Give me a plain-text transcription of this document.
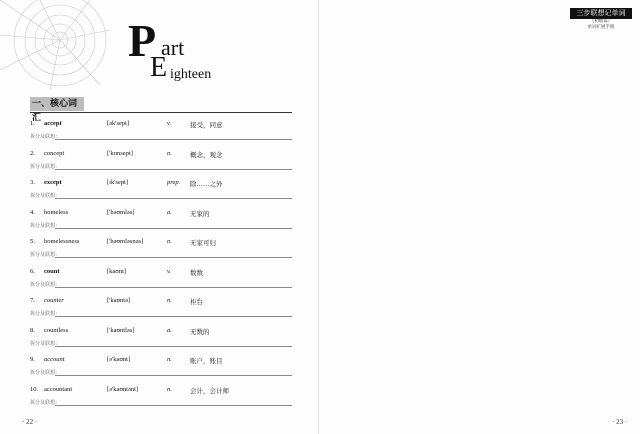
P art
E ighteen
一、核心词汇
1. accept	[ək'sept]	v.	接受，同意
拆分及联想：
2. concept	['kɒnsept]	n.	概念，观念
拆分及联想：
3. except	[ɪk'sept]	prep. 除……之外
拆分及联想：
4. homeless	['həʊmləs]	a.	无家的
拆分及联想：
5. homelessness	['həʊmləsnəs]	n.	无家可归
拆分及联想：
6. count	[kaʊnt]	v.	数数
拆分及联想：
7. counter	['kaʊntə]	n.	柜台
拆分及联想：
8. countless	['kaʊntləs]	a.	无数的
拆分及联想：
9. account	[ə'kaʊnt]	n.	账户，账目
拆分及联想：
10. accountant	[ə'kaʊntənt]	n.	会计，会计师
拆分及联想：
· 22 ·	· 23 ·
三步联想记单词
（初级篇）
单词扩展手册
